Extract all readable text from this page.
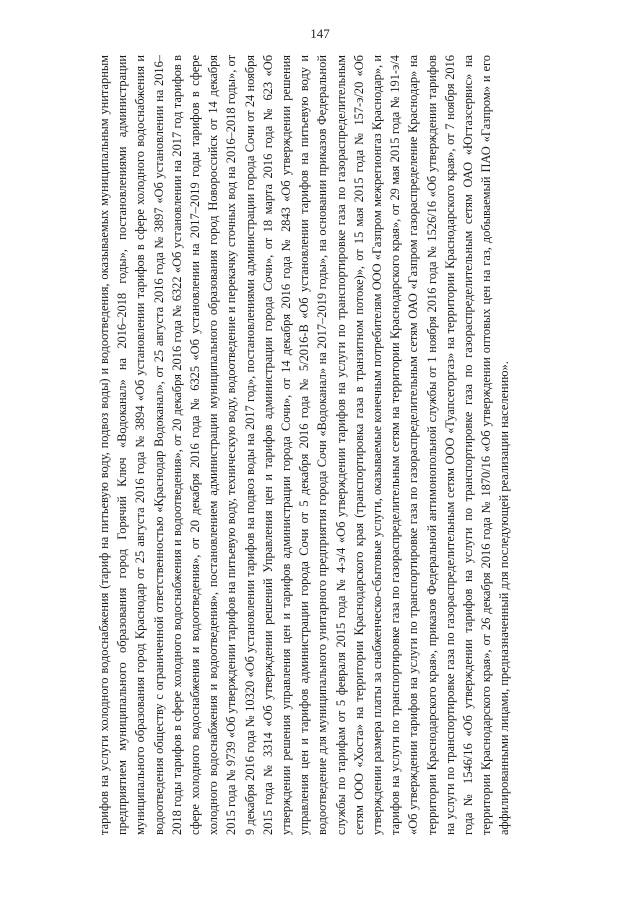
147

тарифов на услуги холодного водоснабжения (тариф на питьевую воду, подвоз воды) и водоотведения, оказываемых муниципальным унитарным предприятием муниципального образования город Горячий Ключ «Водоканал» на 2016–2018 годы», постановлениями администрации муниципального образования город Краснодар от 25 августа 2016 года № 3894 «Об установлении тарифов в сфере холодного водоснабжения и водоотведения обществу с ограниченной ответственностью «Краснодар Водоканал», от 25 августа 2016 года № 3897 «Об установлении на 2016–2018 годы тарифов в сфере холодного водоснабжения и водоотведения», от 20 декабря 2016 года № 6322 «Об установлении на 2017 год тарифов в сфере холодного водоснабжения и водоотведения», от 20 декабря 2016 года № 6325 «Об установлении на 2017–2019 годы тарифов в сфере холодного водоснабжения и водоотведения», постановлением администрации муниципального образования город Новороссийск от 14 декабря 2015 года № 9739 «Об утверждении тарифов на питьевую воду, техническую воду, водоотведение и перекачку сточных вод на 2016–2018 годы», от 9 декабря 2016 года № 10320 «Об установлении тарифов на подвоз воды на 2017 год», постановлениями администрации города Сочи от 24 ноября 2015 года № 3314 «Об утверждении решений Управления цен и тарифов администрации города Сочи», от 18 марта 2016 года № 623 «Об утверждении решения управления цен и тарифов администрации города Сочи», от 14 декабря 2016 года № 2843 «Об утверждении решения управления цен и тарифов администрации города Сочи от 5 декабря 2016 года № 5/2016-В «Об установлении тарифов на питьевую воду и водоотведение для муниципального унитарного предприятия города Сочи «Водоканал» на 2017–2019 годы», на основании приказов Федеральной службы по тарифам от 5 февраля 2015 года № 4-э/4 «Об утверждении тарифов на услуги по транспортировке газа по газораспределительным сетям ООО «Хоста» на территории Краснодарского края (транспортировка газа в транзитном потоке)», от 15 мая 2015 года № 157-э/20 «Об утверждении размера платы за снабженческо-сбытовые услуги, оказываемые конечным потребителям ООО «Газпром межрегионгаз Краснодар», и тарифов на услуги по транспортировке газа по газораспределительным сетям на территории Краснодарского края», от 29 мая 2015 года № 191-э/4 «Об утверждении тарифов на услуги по транспортировке газа по газораспределительным сетям ОАО «Газпром газораспределение Краснодар» на территории Краснодарского края», приказов Федеральной антимонопольной службы от 1 ноября 2016 года № 1526/16 «Об утверждении тарифов на услуги по транспортировке газа по газораспределительным сетям ООО «Туапсегоргаз» на территории Краснодарского края», от 7 ноября 2016 года № 1546/16 «Об утверждении тарифов на услуги по транспортировке газа по газораспределительным сетям ОАО «Югтазсервис» на территории Краснодарского края», от 26 декабря 2016 года № 1870/16 «Об утверждении оптовых цен на газ, добываемый ПАО «Газпром» и его аффилированными лицами, предназначенный для последующей реализации населению».
